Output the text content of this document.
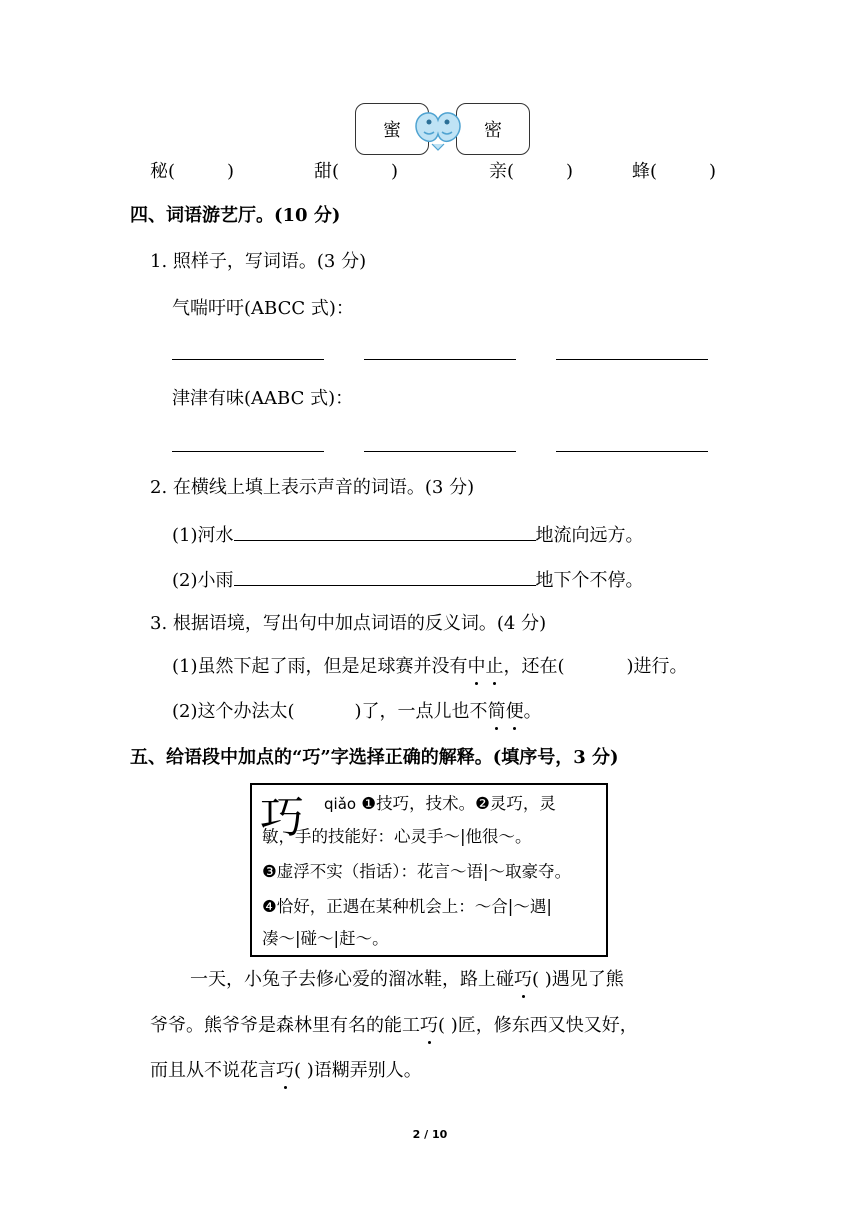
蜜	密
秘(	)	甜(	)	亲(	)	蜂(	)
四、词语游艺厅。(10 分)
1. 照样子，写词语。(3 分)
气喘吁吁(ABCC 式)：
津津有味(AABC 式)：
2. 在横线上填上表示声音的词语。(3 分)
(1)河水	地流向远方。
(2)小雨	地下个不停。
3. 根据语境，写出句中加点词语的反义词。(4 分)
(1)虽然下起了雨，但是足球赛并没有中止，还在(	)进行。
(2)这个办法太(	)了，一点儿也不简便。
五、给语段中加点的“巧”字选择正确的解释。(填序号，3 分)
巧 qiǎo ❶技巧，技术。❷灵巧，灵
敏，手的技能好：心灵手～|他很～。
❸虚浮不实（指话）：花言～语|～取豪夺。
❹恰好，正遇在某种机会上：～合|～遇|
凑～|碰～|赶～。
一天，小兔子去修心爱的溜冰鞋，路上碰巧( )遇见了熊
爷爷。熊爷爷是森林里有名的能工巧( )匠，修东西又快又好，
而且从不说花言巧( )语糊弄别人。
2 / 10
